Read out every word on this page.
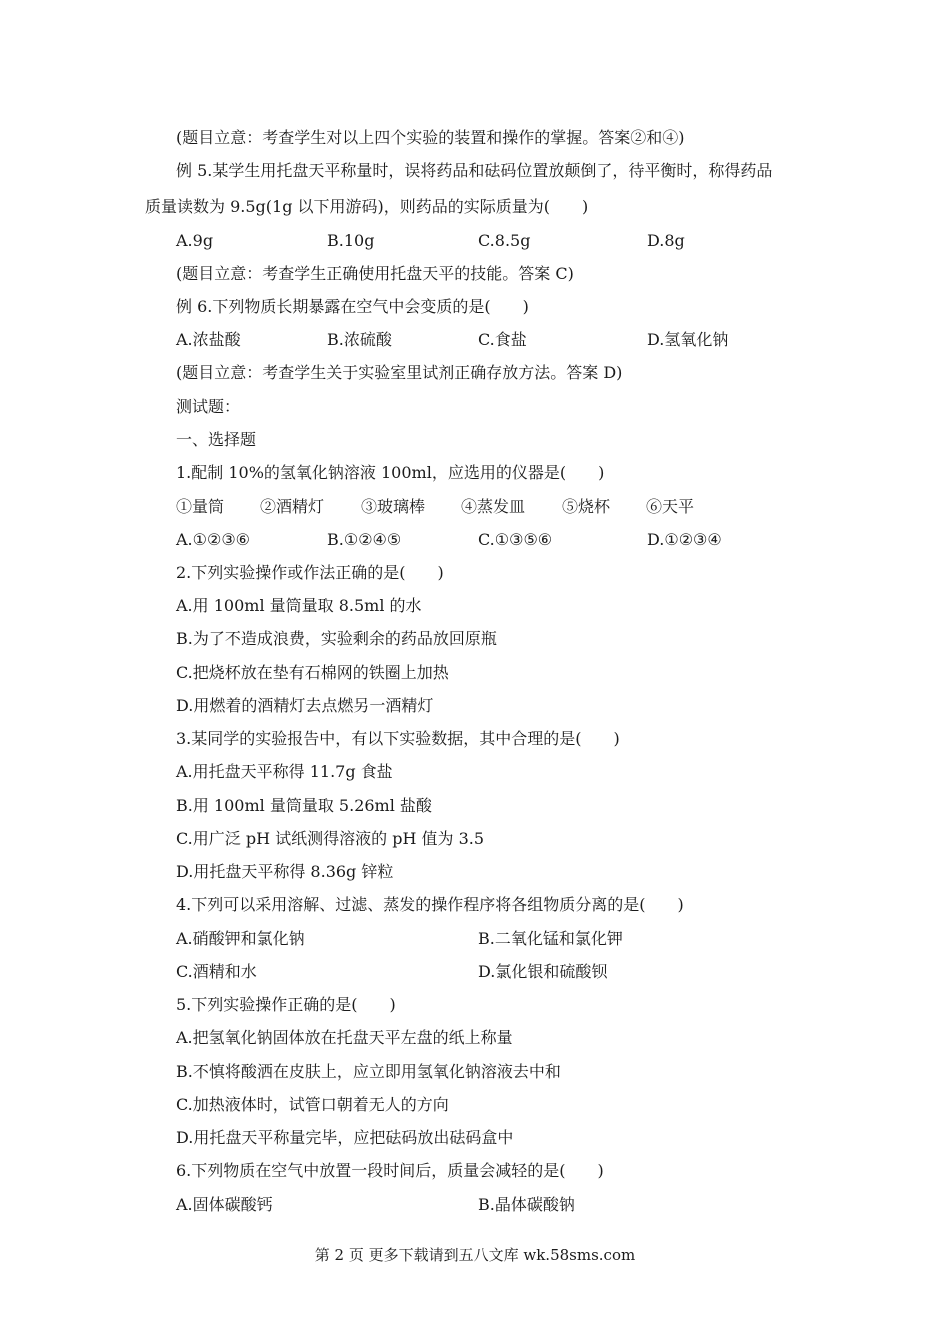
(题目立意：考查学生对以上四个实验的装置和操作的掌握。答案②和④)
例 5.某学生用托盘天平称量时，误将药品和砝码位置放颠倒了，待平衡时，称得药品
质量读数为 9.5g(1g 以下用游码)，则药品的实际质量为(　　)
A.9g	B.10g	C.8.5g	D.8g
(题目立意：考查学生正确使用托盘天平的技能。答案 C)
例 6.下列物质长期暴露在空气中会变质的是(　　)
A.浓盐酸	B.浓硫酸	C.食盐	D.氢氧化钠
(题目立意：考查学生关于实验室里试剂正确存放方法。答案 D)
测试题：
一、选择题
1.配制 10%的氢氧化钠溶液 100ml，应选用的仪器是(　　)
①量筒 ②酒精灯 ③玻璃棒 ④蒸发皿 ⑤烧杯 ⑥天平
A.①②③⑥	B.①②④⑤	C.①③⑤⑥	D.①②③④
2.下列实验操作或作法正确的是(　　)
A.用 100ml 量筒量取 8.5ml 的水
B.为了不造成浪费，实验剩余的药品放回原瓶
C.把烧杯放在垫有石棉网的铁圈上加热
D.用燃着的酒精灯去点燃另一酒精灯
3.某同学的实验报告中，有以下实验数据，其中合理的是(　　)
A.用托盘天平称得 11.7g 食盐
B.用 100ml 量筒量取 5.26ml 盐酸
C.用广泛 pH 试纸测得溶液的 pH 值为 3.5
D.用托盘天平称得 8.36g 锌粒
4.下列可以采用溶解、过滤、蒸发的操作程序将各组物质分离的是(　　)
A.硝酸钾和氯化钠	B.二氧化锰和氯化钾
C.酒精和水	D.氯化银和硫酸钡
5.下列实验操作正确的是(　　)
A.把氢氧化钠固体放在托盘天平左盘的纸上称量
B.不慎将酸洒在皮肤上，应立即用氢氧化钠溶液去中和
C.加热液体时，试管口朝着无人的方向
D.用托盘天平称量完毕，应把砝码放出砝码盒中
6.下列物质在空气中放置一段时间后，质量会减轻的是(　　)
A.固体碳酸钙	B.晶体碳酸钠
第 2 页 更多下载请到五八文库 wk.58sms.com
